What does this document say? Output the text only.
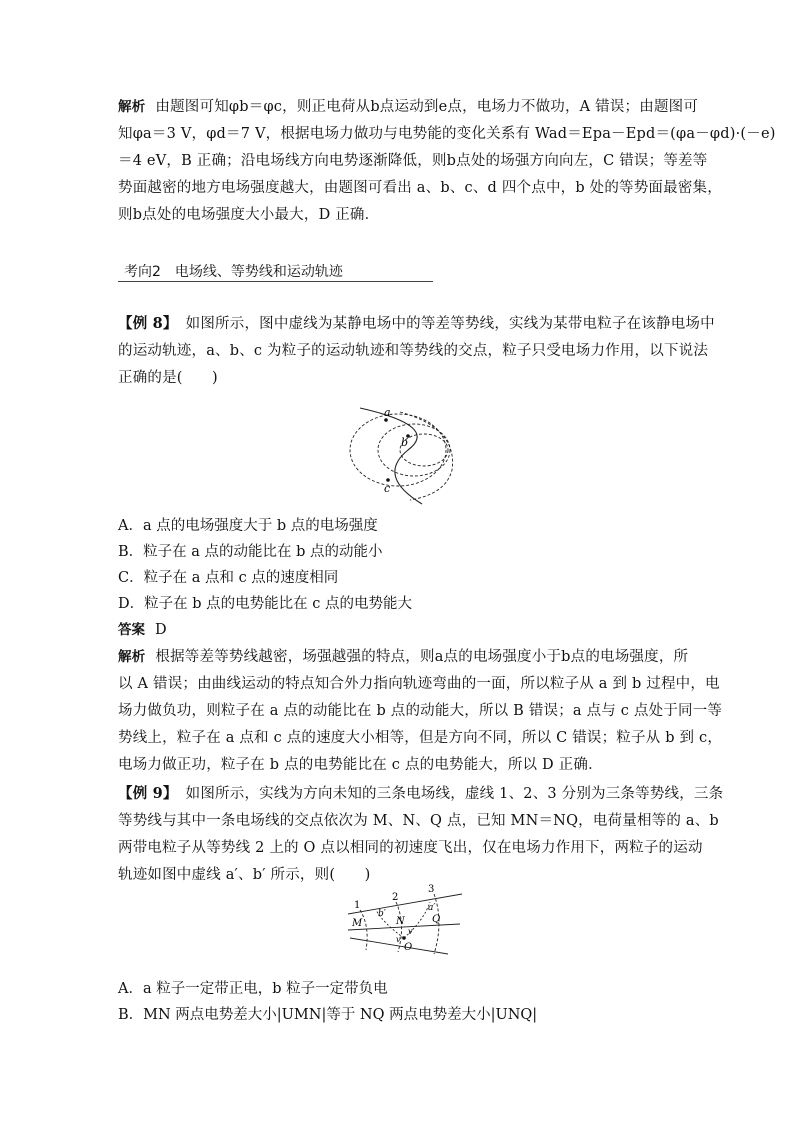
解析 由题图可知φb＝φc，则正电荷从b点运动到e点，电场力不做功，A 错误；由题图可
知φa＝3 V，φd＝7 V，根据电场力做功与电势能的变化关系有 Wad＝Epa－Epd＝(φa－φd)·(－e)
＝4 eV，B 正确；沿电场线方向电势逐渐降低，则b点处的场强方向向左，C 错误；等差等
势面越密的地方电场强度越大，由题图可看出 a、b、c、d 四个点中，b 处的等势面最密集，
则b点处的电场强度大小最大，D 正确．
考向2　电场线、等势线和运动轨迹
【例 8】 如图所示，图中虚线为某静电场中的等差等势线，实线为某带电粒子在该静电场中
的运动轨迹，a、b、c 为粒子的运动轨迹和等势线的交点，粒子只受电场力作用，以下说法
正确的是(　　)
a
b
c
A．a 点的电场强度大于 b 点的电场强度
B．粒子在 a 点的动能比在 b 点的动能小
C．粒子在 a 点和 c 点的速度相同
D．粒子在 b 点的电势能比在 c 点的电势能大
答案 D
解析 根据等差等势线越密，场强越强的特点，则a点的电场强度小于b点的电场强度，所
以 A 错误；由曲线运动的特点知合外力指向轨迹弯曲的一面，所以粒子从 a 到 b 过程中，电
场力做负功，则粒子在 a 点的动能比在 b 点的动能大，所以 B 错误；a 点与 c 点处于同一等
势线上，粒子在 a 点和 c 点的速度大小相等，但是方向不同，所以 C 错误；粒子从 b 到 c，
电场力做正功，粒子在 b 点的电势能比在 c 点的电势能大，所以 D 正确．
【例 9】 如图所示，实线为方向未知的三条电场线，虚线 1、2、3 分别为三条等势线，三条
等势线与其中一条电场线的交点依次为 M、N、Q 点，已知 MN＝NQ，电荷量相等的 a、b
两带电粒子从等势线 2 上的 O 点以相同的初速度飞出，仅在电场力作用下，两粒子的运动
轨迹如图中虚线 a′、b′ 所示，则(　　)
1
2
3
M	N	Q
O
a′
b′
v
v
A．a 粒子一定带正电，b 粒子一定带负电
B．MN 两点电势差大小|UMN|等于 NQ 两点电势差大小|UNQ|
